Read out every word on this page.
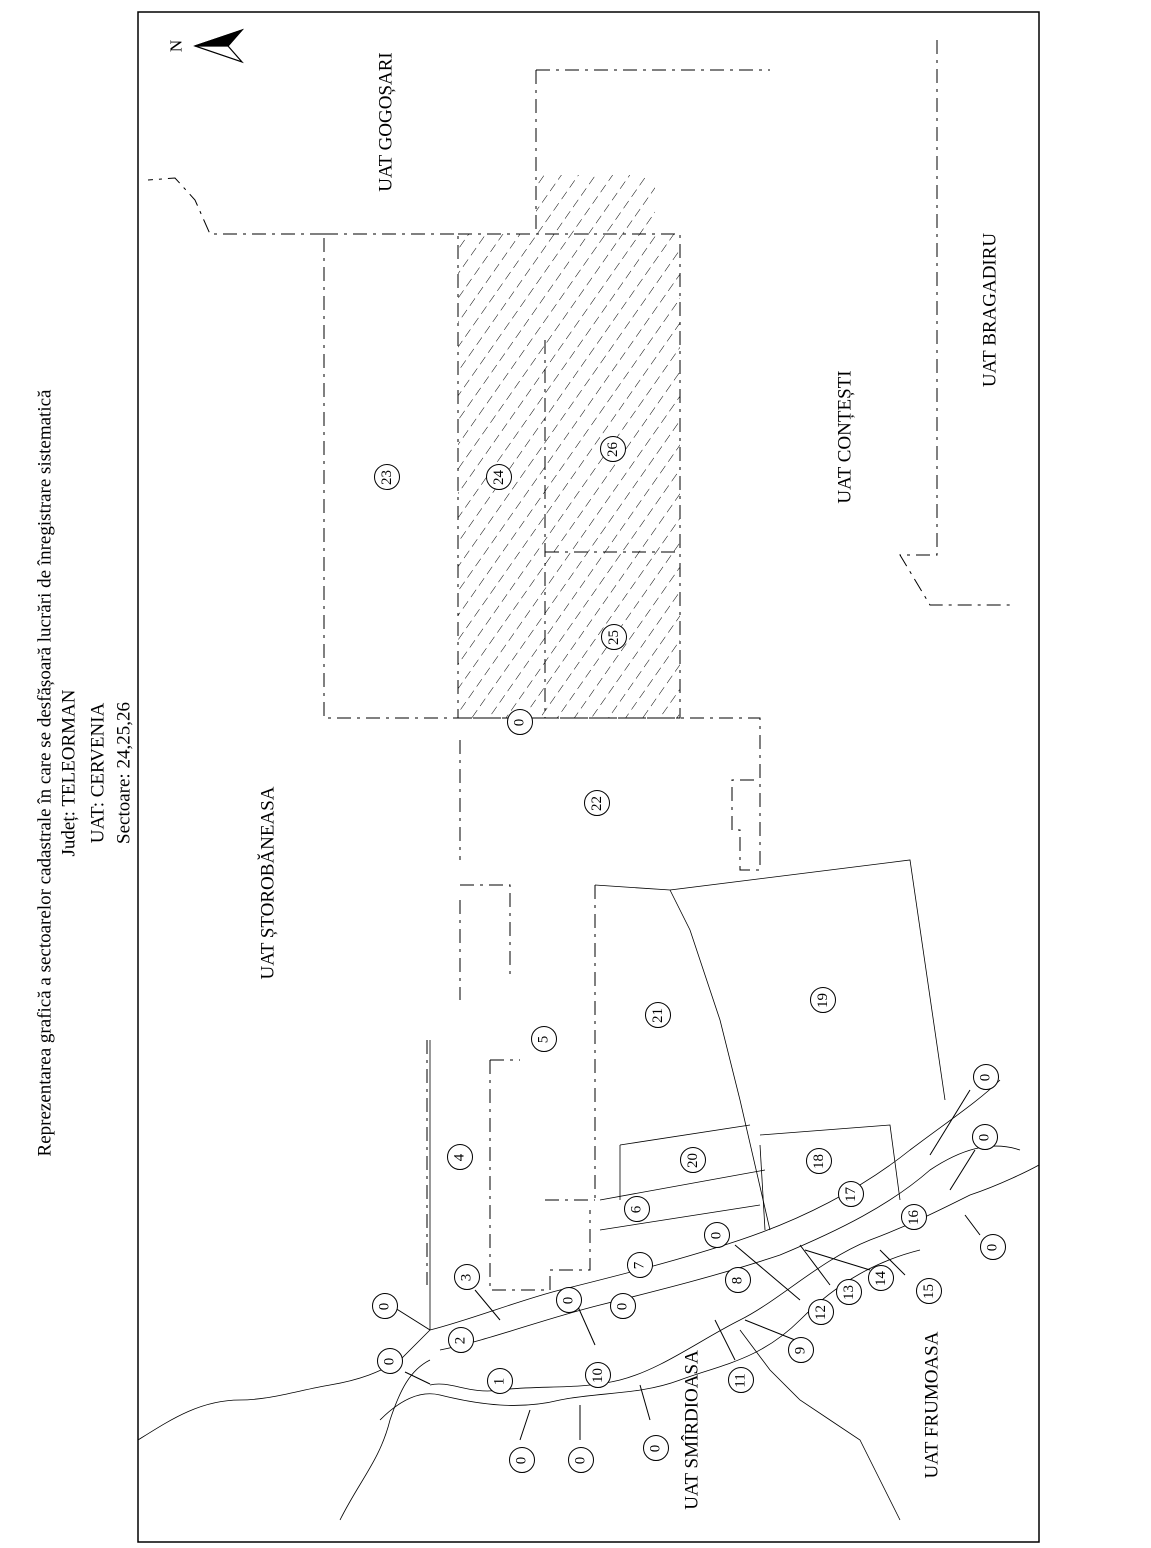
Reprezentarea grafică a sectoarelor cadastrale în care se desfășoară lucrări de înregistrare sistematică Județ: TELEORMAN UAT: CERVENIA Sectoare: 24,25,26
N
UAT GOGOȘARI
UAT BRAGADIRU
UAT CONȚEȘTI
UAT ȘTOROBĂNEASA
UAT SMÎRDIOASA	UAT FRUMOASA
23	24
26
25
0
22
19
21
5
4	20	18
17
6
16
0
7
8
3	14
13	15
0
0
0	12
2
9
0
10
1	11
0
0
0
0	0
0
